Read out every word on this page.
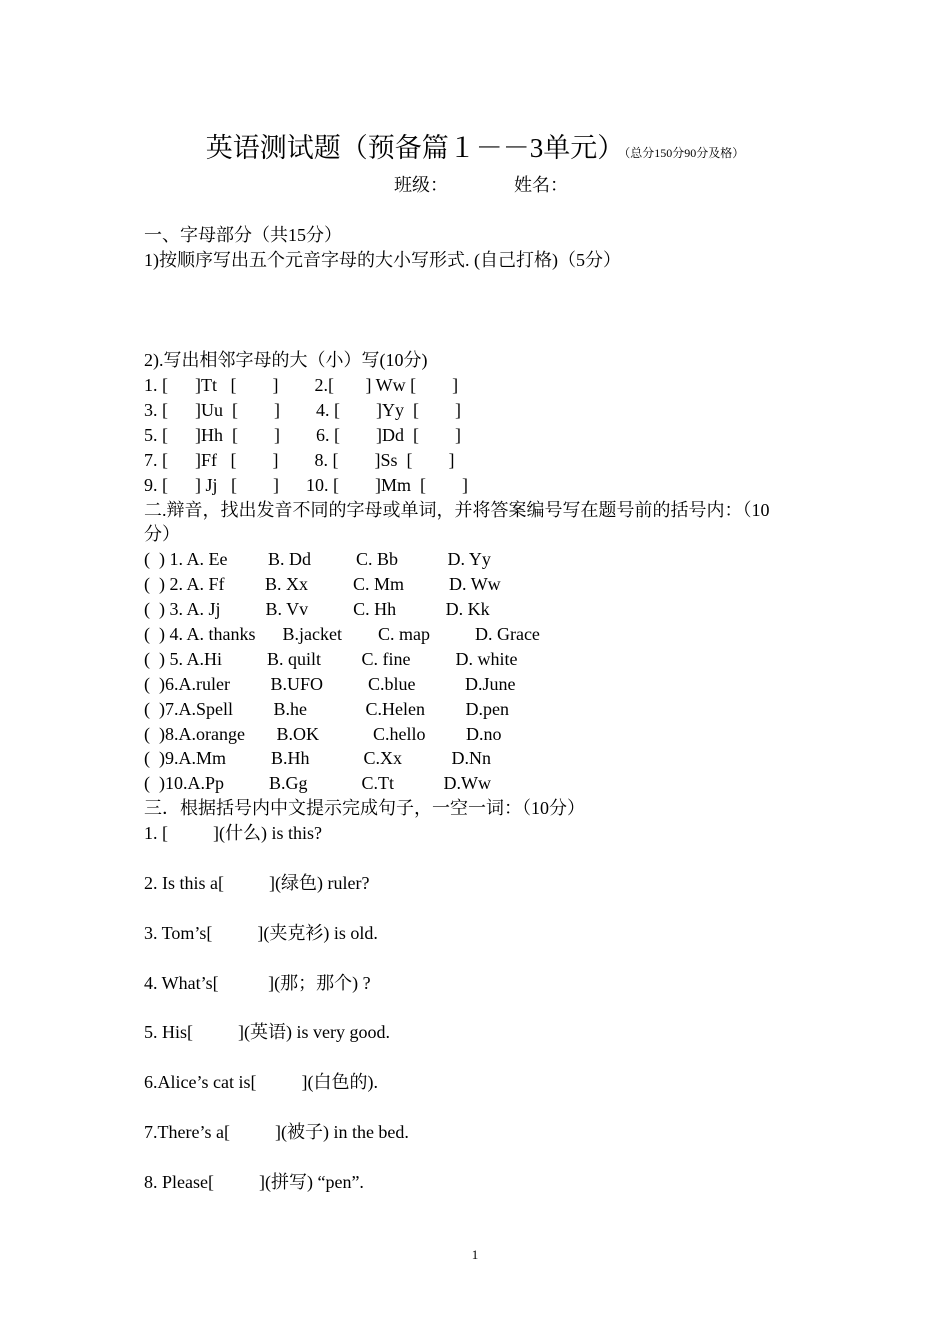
英语测试题（预备篇１－－3单元）（总分150分90分及格）
班级：	姓名：
一、字母部分（共15分）
1)按顺序写出五个元音字母的大小写形式. (自己打格)（5分）
2).写出相邻字母的大（小）写(10分)
1. [      ]Tt   [        ]        2.[       ] Ww [        ]
3. [      ]Uu  [        ]        4. [        ]Yy  [        ]
5. [      ]Hh  [        ]        6. [        ]Dd  [        ]
7. [      ]Ff   [        ]        8. [        ]Ss  [        ]
9. [      ] Jj   [        ]      10. [        ]Mm  [        ]
二.辩音，找出发音不同的字母或单词，并将答案编号写在题号前的括号内：（10
分）
(  ) 1. A. Ee         B. Dd          C. Bb           D. Yy
(  ) 2. A. Ff         B. Xx          C. Mm          D. Ww
(  ) 3. A. Jj          B. Vv          C. Hh           D. Kk
(  ) 4. A. thanks      B.jacket        C. map          D. Grace
(  ) 5. A.Hi          B. quilt         C. fine          D. white
(  )6.A.ruler         B.UFO          C.blue           D.June
(  )7.A.Spell         B.he             C.Helen         D.pen
(  )8.A.orange       B.OK            C.hello         D.no
(  )9.A.Mm          B.Hh            C.Xx           D.Nn
(  )10.A.Pp          B.Gg            C.Tt           D.Ww
三．根据括号内中文提示完成句子，一空一词：（10分）
1. [          ](什么) is this?
2. Is this a[          ](绿色) ruler?
3. Tom’s[          ](夹克衫) is old.
4. What’s[           ](那；那个) ?
5. His[          ](英语) is very good.
6.Alice’s cat is[          ](白色的).
7.There’s a[          ](被子) in the bed.
8. Please[          ](拼写) “pen”.
1
